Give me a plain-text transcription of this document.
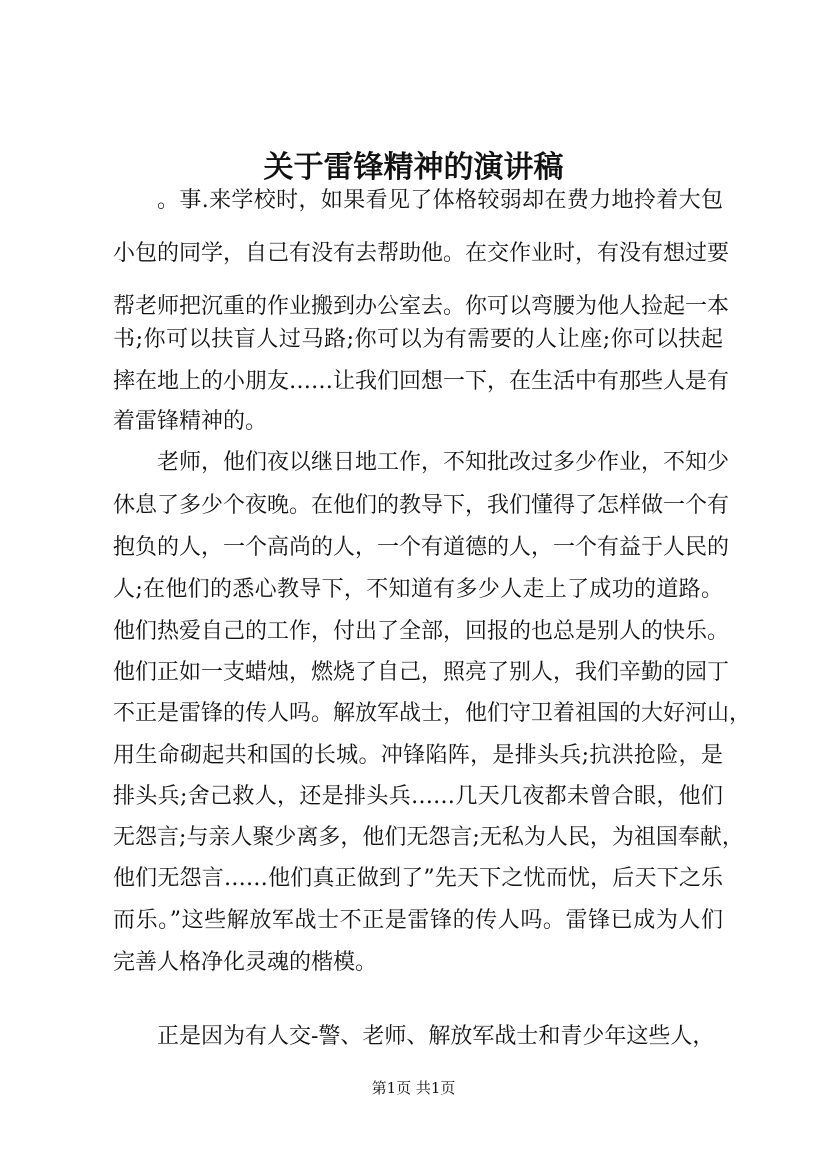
关于雷锋精神的演讲稿

。事.来学校时，如果看见了体格较弱却在费力地拎着大包

小包的同学，自己有没有去帮助他。在交作业时，有没有想过要

帮老师把沉重的作业搬到办公室去。你可以弯腰为他人捡起一本

书;你可以扶盲人过马路;你可以为有需要的人让座;你可以扶起

摔在地上的小朋友……让我们回想一下，在生活中有那些人是有

着雷锋精神的。

老师，他们夜以继日地工作，不知批改过多少作业，不知少

休息了多少个夜晚。在他们的教导下，我们懂得了怎样做一个有

抱负的人，一个高尚的人，一个有道德的人，一个有益于人民的

人;在他们的悉心教导下，不知道有多少人走上了成功的道路。

他们热爱自己的工作，付出了全部，回报的也总是别人的快乐。

他们正如一支蜡烛，燃烧了自己，照亮了别人，我们辛勤的园丁

不正是雷锋的传人吗。解放军战士，他们守卫着祖国的大好河山，

用生命砌起共和国的长城。冲锋陷阵，是排头兵;抗洪抢险，是

排头兵;舍己救人，还是排头兵……几天几夜都未曾合眼，他们

无怨言;与亲人聚少离多，他们无怨言;无私为人民，为祖国奉献，

他们无怨言……他们真正做到了”先天下之忧而忧，后天下之乐

而乐。”这些解放军战士不正是雷锋的传人吗。雷锋已成为人们

完善人格净化灵魂的楷模。

正是因为有人交-警、老师、解放军战士和青少年这些人，

第1页 共1页
